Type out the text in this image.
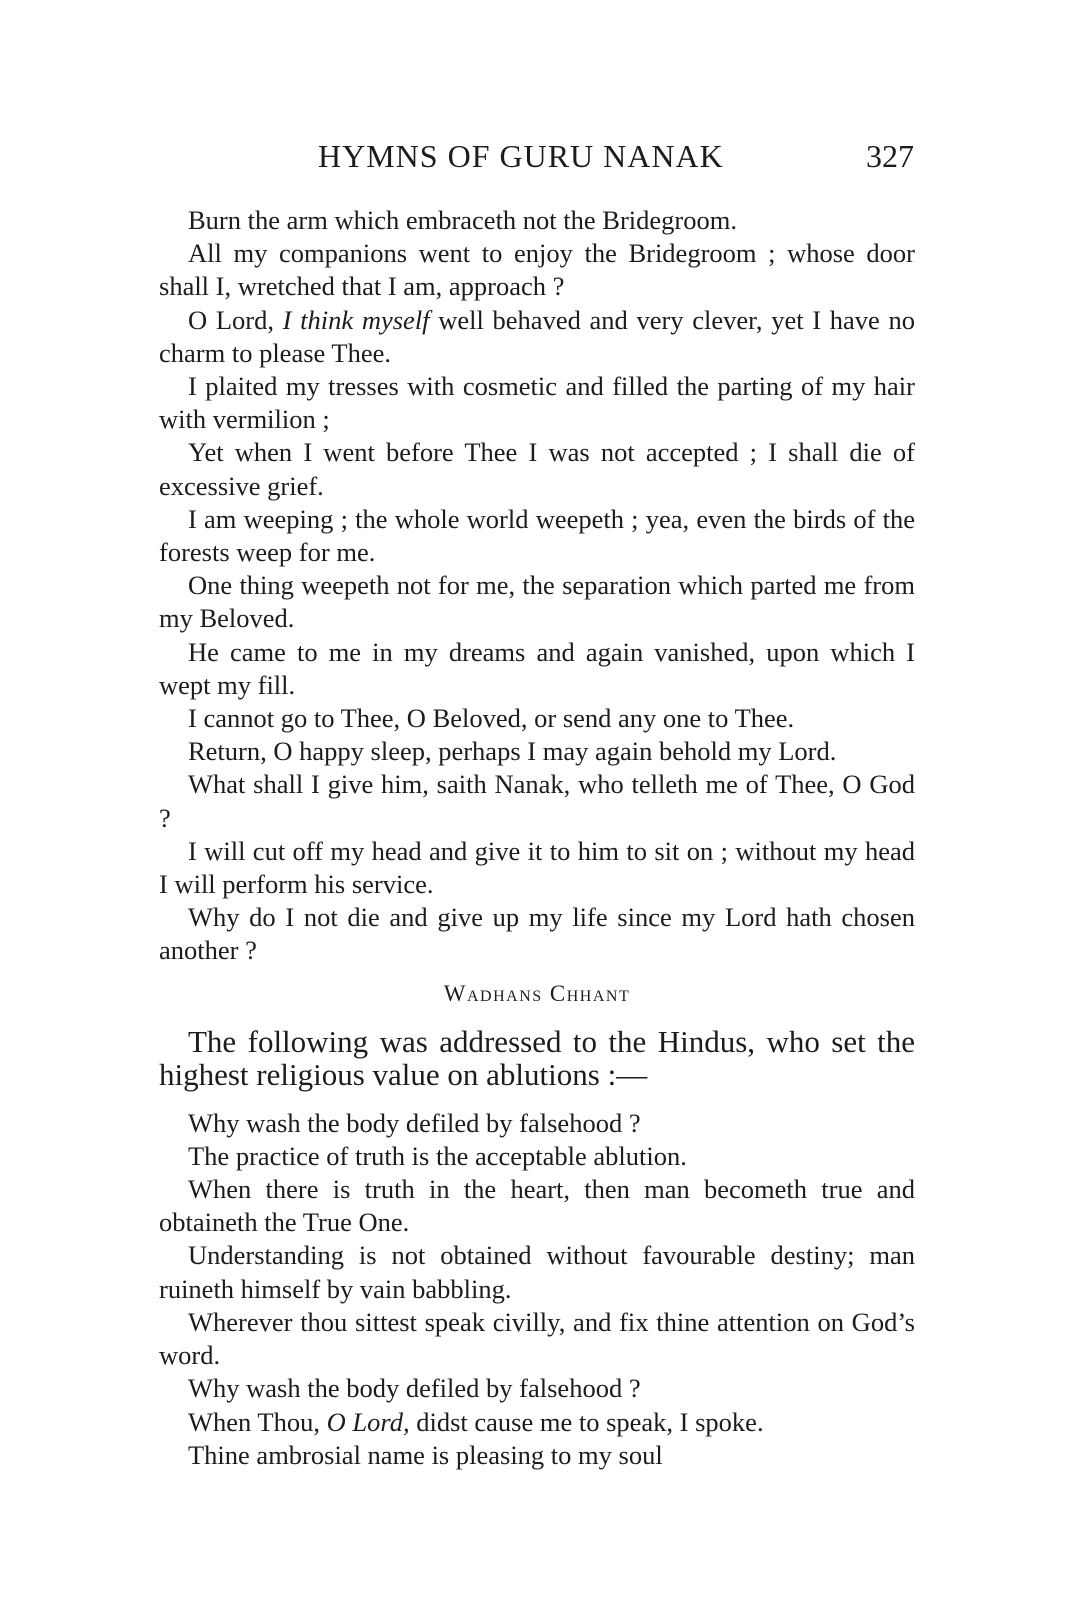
HYMNS OF GURU NANAK	327

Burn the arm which embraceth not the Bridegroom.

All my companions went to enjoy the Bridegroom ; whose door shall I, wretched that I am, approach ?

O Lord, I think myself well behaved and very clever, yet I have no charm to please Thee.

I plaited my tresses with cosmetic and filled the parting of my hair with vermilion ;

Yet when I went before Thee I was not accepted ; I shall die of excessive grief.

I am weeping ; the whole world weepeth ; yea, even the birds of the forests weep for me.

One thing weepeth not for me, the separation which parted me from my Beloved.

He came to me in my dreams and again vanished, upon which I wept my fill.

I cannot go to Thee, O Beloved, or send any one to Thee.

Return, O happy sleep, perhaps I may again behold my Lord.

What shall I give him, saith Nanak, who telleth me of Thee, O God ?

I will cut off my head and give it to him to sit on ; without my head I will perform his service.

Why do I not die and give up my life since my Lord hath chosen another ?

Wadhans Chhant

The following was addressed to the Hindus, who set the highest religious value on ablutions :—

Why wash the body defiled by falsehood ?

The practice of truth is the acceptable ablution.

When there is truth in the heart, then man becometh true and obtaineth the True One.

Understanding is not obtained without favourable destiny; man ruineth himself by vain babbling.

Wherever thou sittest speak civilly, and fix thine attention on God’s word.

Why wash the body defiled by falsehood ?

When Thou, O Lord, didst cause me to speak, I spoke.

Thine ambrosial name is pleasing to my soul
